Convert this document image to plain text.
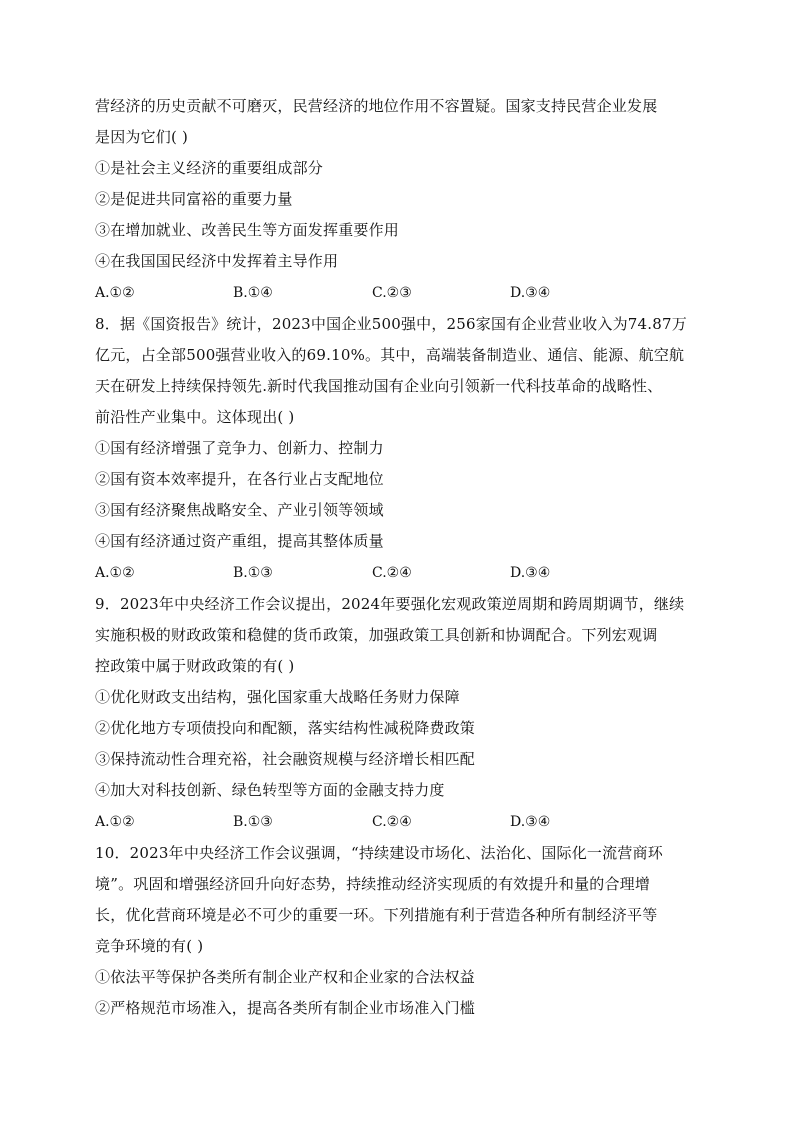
营经济的历史贡献不可磨灭，民营经济的地位作用不容置疑。国家支持民营企业发展
是因为它们( )
①是社会主义经济的重要组成部分
②是促进共同富裕的重要力量
③在增加就业、改善民生等方面发挥重要作用
④在我国国民经济中发挥着主导作用
A.①②	B.①④	C.②③	D.③④
8．据《国资报告》统计，2023中国企业500强中，256家国有企业营业收入为74.87万
亿元，占全部500强营业收入的69.10%。其中，高端装备制造业、通信、能源、航空航
天在研发上持续保持领先.新时代我国推动国有企业向引领新一代科技革命的战略性、
前沿性产业集中。这体现出( )
①国有经济增强了竞争力、创新力、控制力
②国有资本效率提升，在各行业占支配地位
③国有经济聚焦战略安全、产业引领等领域
④国有经济通过资产重组，提高其整体质量
A.①②	B.①③	C.②④	D.③④
9．2023年中央经济工作会议提出，2024年要强化宏观政策逆周期和跨周期调节，继续
实施积极的财政政策和稳健的货币政策，加强政策工具创新和协调配合。下列宏观调
控政策中属于财政政策的有( )
①优化财政支出结构，强化国家重大战略任务财力保障
②优化地方专项债投向和配额，落实结构性减税降费政策
③保持流动性合理充裕，社会融资规模与经济增长相匹配
④加大对科技创新、绿色转型等方面的金融支持力度
A.①②	B.①③	C.②④	D.③④
10．2023年中央经济工作会议强调，“持续建设市场化、法治化、国际化一流营商环
境”。巩固和增强经济回升向好态势，持续推动经济实现质的有效提升和量的合理增
长，优化营商环境是必不可少的重要一环。下列措施有利于营造各种所有制经济平等
竞争环境的有( )
①依法平等保护各类所有制企业产权和企业家的合法权益
②严格规范市场准入，提高各类所有制企业市场准入门槛
